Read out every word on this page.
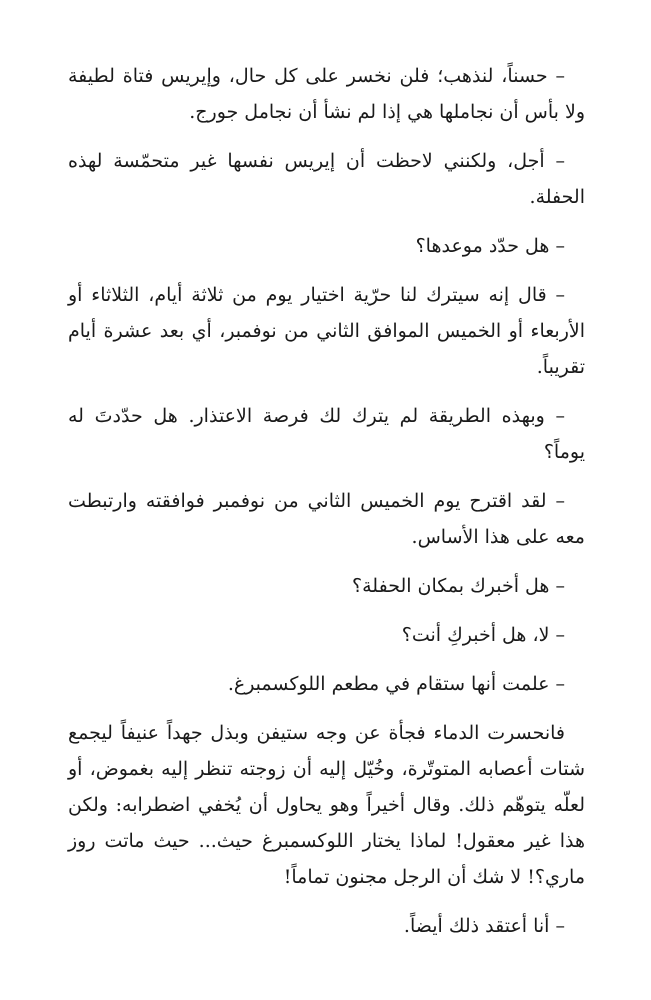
– حسناً، لنذهب؛ فلن نخسر على كل حال، وإيريس فتاة لطيفة ولا بأس أن نجاملها هي إذا لم نشأ أن نجامل جورج.

– أجل، ولكنني لاحظت أن إيريس نفسها غير متحمّسة لهذه الحفلة.

– هل حدّد موعدها؟

– قال إنه سيترك لنا حرّية اختيار يوم من ثلاثة أيام، الثلاثاء أو الأربعاء أو الخميس الموافق الثاني من نوفمبر، أي بعد عشرة أيام تقريباً.

– وبهذه الطريقة لم يترك لك فرصة الاعتذار. هل حدّدتَ له يوماً؟

– لقد اقترح يوم الخميس الثاني من نوفمبر فوافقته وارتبطت معه على هذا الأساس.

– هل أخبرك بمكان الحفلة؟

– لا، هل أخبركِ أنت؟

– علمت أنها ستقام في مطعم اللوكسمبرغ.

فانحسرت الدماء فجأة عن وجه ستيفن وبذل جهداً عنيفاً ليجمع شتات أعصابه المتوتّرة، وخُيّل إليه أن زوجته تنظر إليه بغموض، أو لعلّه يتوهّم ذلك. وقال أخيراً وهو يحاول أن يُخفي اضطرابه: ولكن هذا غير معقول! لماذا يختار اللوكسمبرغ حيث... حيث ماتت روز ماري؟! لا شك أن الرجل مجنون تماماً!

– أنا أعتقد ذلك أيضاً.
